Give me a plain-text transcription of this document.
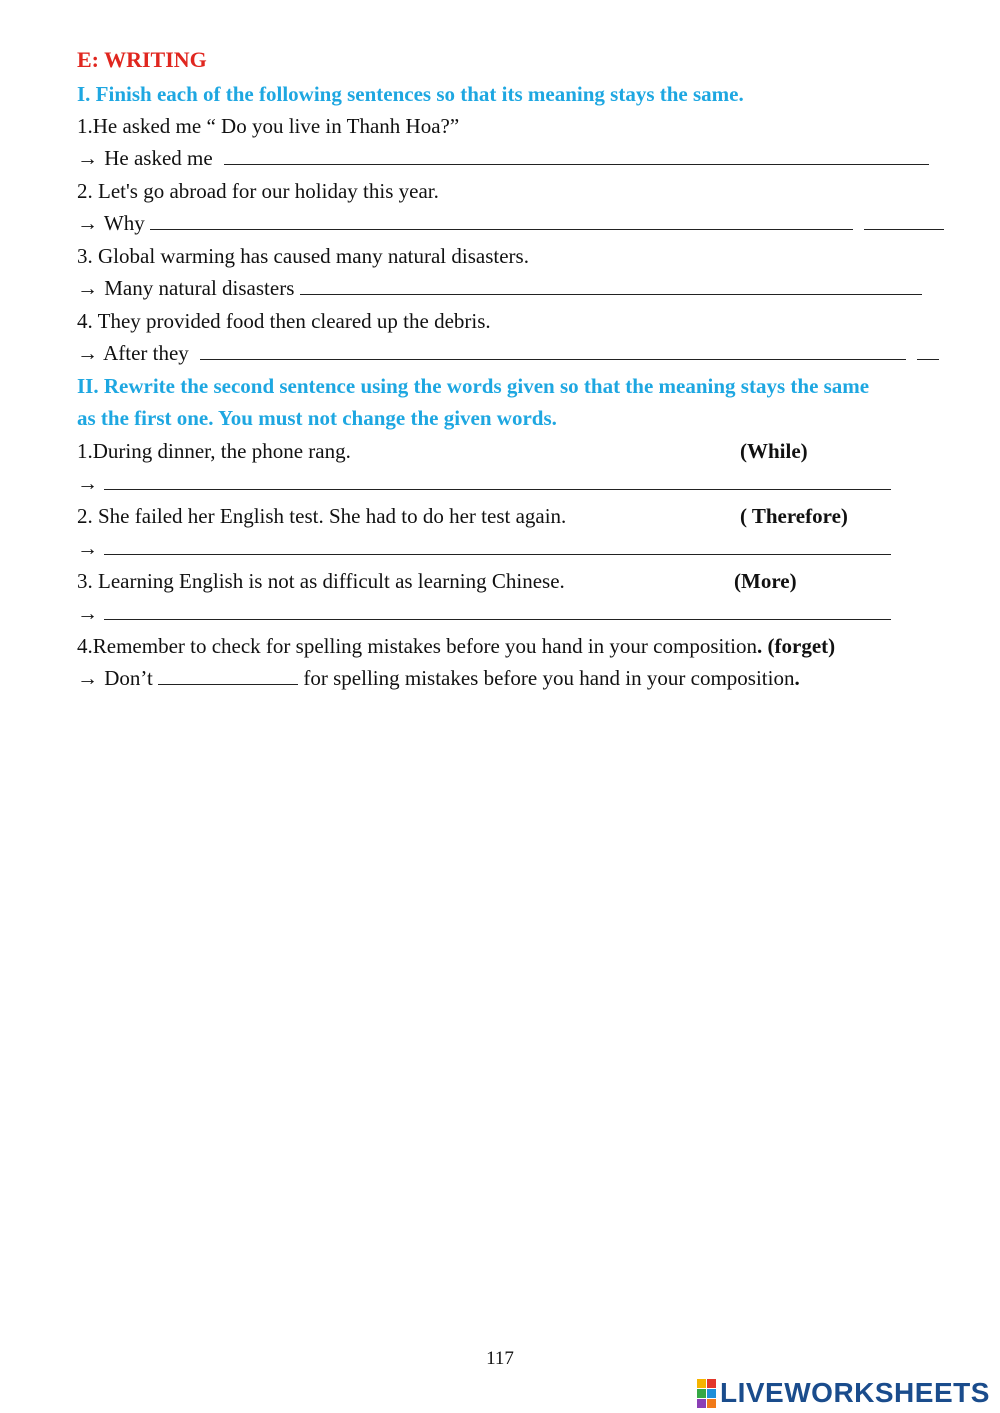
E: WRITING
I. Finish each of the following sentences so that its meaning stays the same.
1.He asked me “ Do you live in Thanh Hoa?”
→ He asked me
2. Let's go abroad for our holiday this year.
→ Why
3. Global warming has caused many natural disasters.
→ Many natural disasters
4. They provided food then cleared up the debris.
→ After they
II. Rewrite the second sentence using the words given so that the meaning stays the same
as the first one. You must not change the given words.
1.During dinner, the phone rang.	(While)
→
2. She failed her English test. She had to do her test again.	( Therefore)
→
3. Learning English is not as difficult as learning Chinese.	(More)
→
4.Remember to check for spelling mistakes before you hand in your composition. (forget)
→ Don’t	for spelling mistakes before you hand in your composition.
117
LIVEWORKSHEETS
